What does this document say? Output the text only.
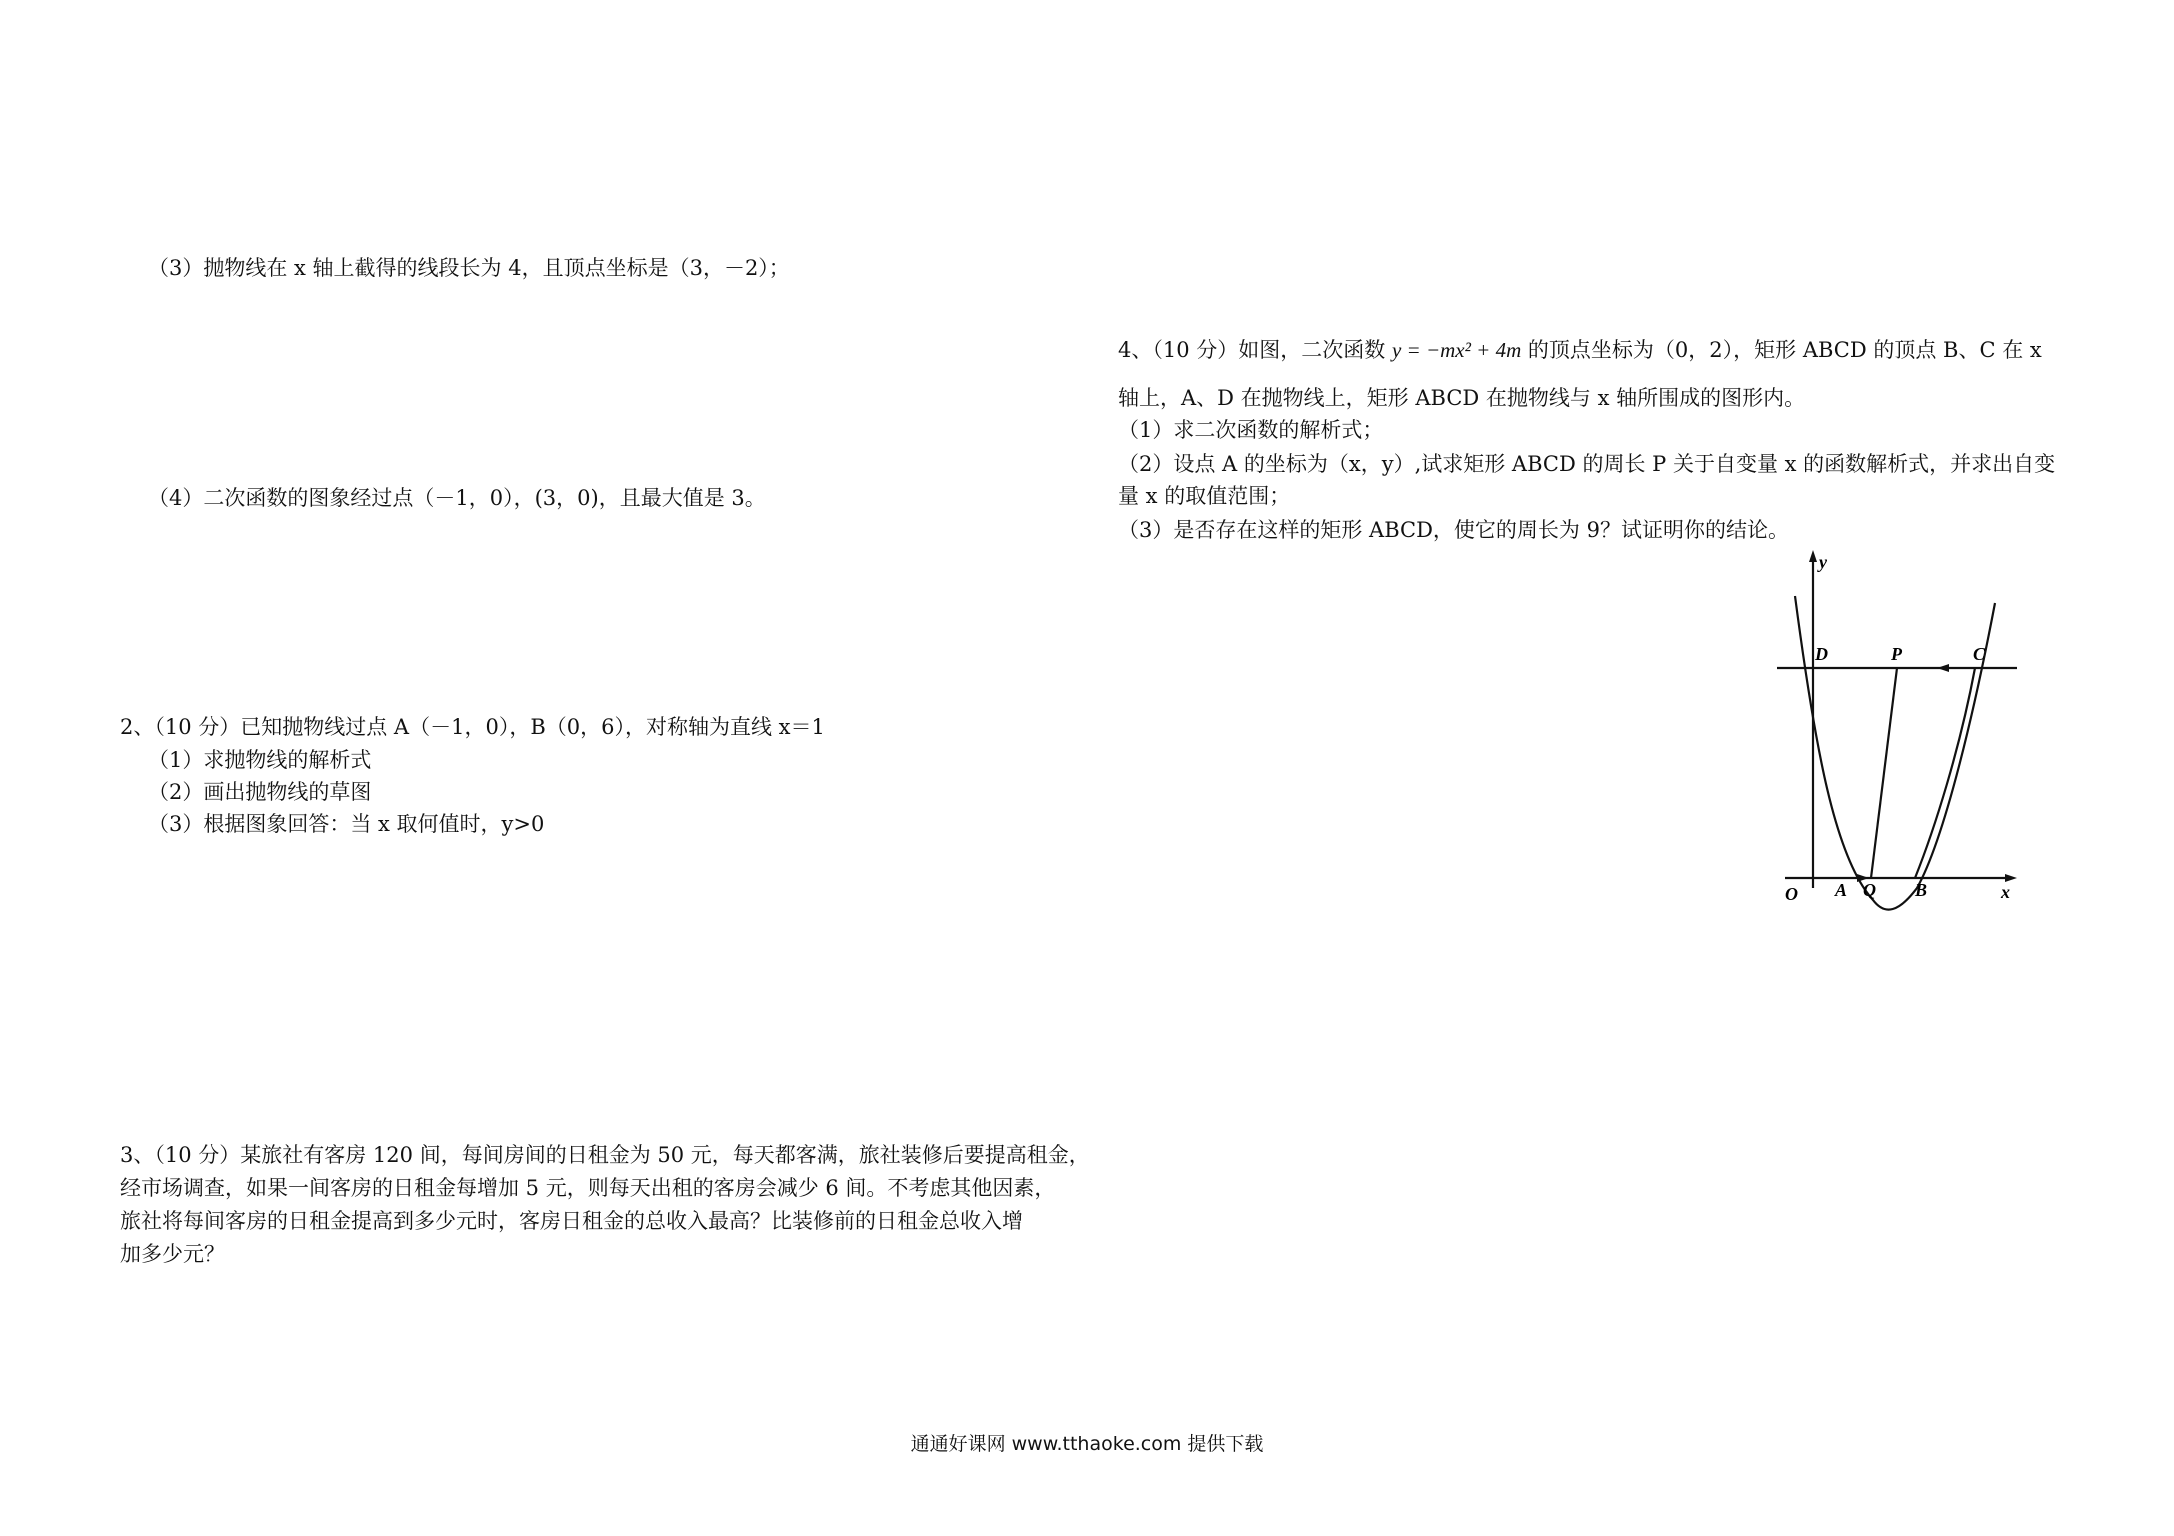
（3）抛物线在 x 轴上截得的线段长为 4，且顶点坐标是（3，－2）；
（4）二次函数的图象经过点（－1，0），(3，0)，且最大值是 3。
2、（10 分）已知抛物线过点 A（－1，0），B（0，6），对称轴为直线 x＝1
（1）求抛物线的解析式
（2）画出抛物线的草图
（3）根据图象回答：当 x 取何值时，y>0
3、（10 分）某旅社有客房 120 间，每间房间的日租金为 50 元，每天都客满，旅社装修后要提高租金，
经市场调查，如果一间客房的日租金每增加 5 元，则每天出租的客房会减少 6 间。不考虑其他因素，
旅社将每间客房的日租金提高到多少元时，客房日租金的总收入最高？比装修前的日租金总收入增
加多少元？
4、（10 分）如图，二次函数 y = −mx² + 4m 的顶点坐标为（0，2），矩形 ABCD 的顶点 B、C 在 x
轴上，A、D 在抛物线上，矩形 ABCD 在抛物线与 x 轴所围成的图形内。
（1）求二次函数的解析式；
（2）设点 A 的坐标为（x，y）,试求矩形 ABCD 的周长 P 关于自变量 x 的函数解析式，并求出自变
量 x 的取值范围；
（3）是否存在这样的矩形 ABCD，使它的周长为 9？试证明你的结论。
y
D	P	C
O A Q B	x
通通好课网 www.tthaoke.com 提供下载
